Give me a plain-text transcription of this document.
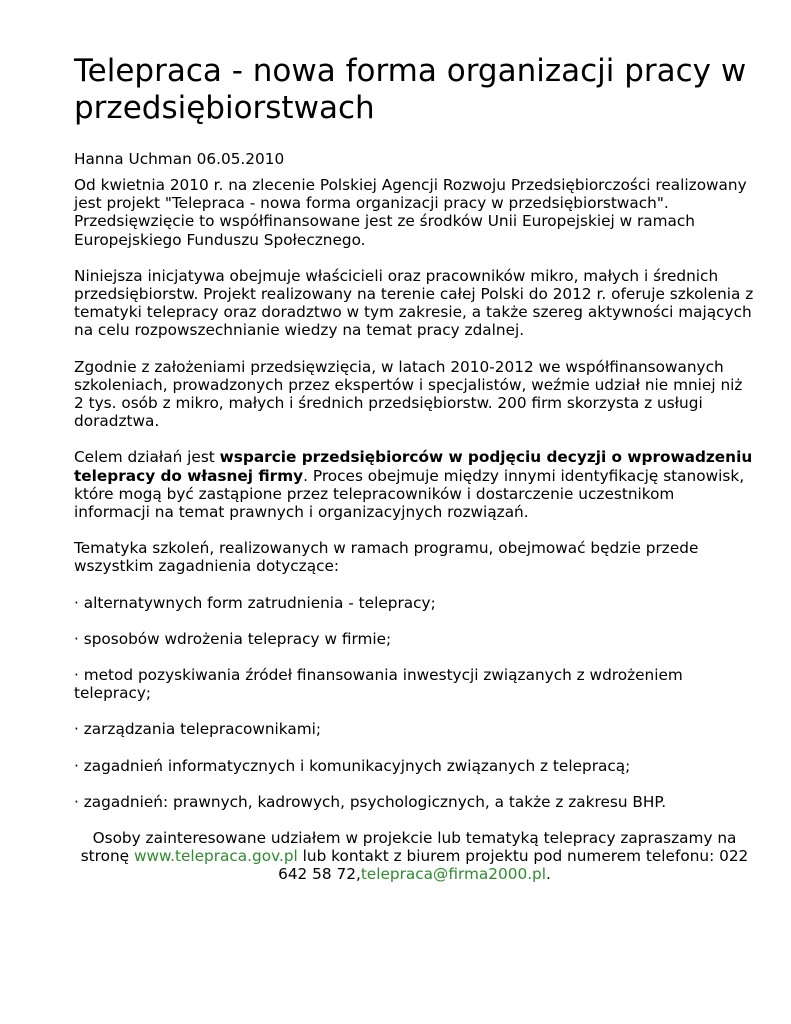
Telepraca - nowa forma organizacji pracy w przedsiębiorstwach
Hanna Uchman 06.05.2010

Od kwietnia 2010 r. na zlecenie Polskiej Agencji Rozwoju Przedsiębiorczości realizowany jest projekt "Telepraca - nowa forma organizacji pracy w przedsiębiorstwach". Przedsięwzięcie to współfinansowane jest ze środków Unii Europejskiej w ramach Europejskiego Funduszu Społecznego.

Niniejsza inicjatywa obejmuje właścicieli oraz pracowników mikro, małych i średnich przedsiębiorstw. Projekt realizowany na terenie całej Polski do 2012 r. oferuje szkolenia z tematyki telepracy oraz doradztwo w tym zakresie, a także szereg aktywności mających na celu rozpowszechnianie wiedzy na temat pracy zdalnej.

Zgodnie z założeniami przedsięwzięcia, w latach 2010-2012 we współfinansowanych szkoleniach, prowadzonych przez ekspertów i specjalistów, weźmie udział nie mniej niż 2 tys. osób z mikro, małych i średnich przedsiębiorstw. 200 firm skorzysta z usługi doradztwa.

Celem działań jest wsparcie przedsiębiorców w podjęciu decyzji o wprowadzeniu telepracy do własnej firmy. Proces obejmuje między innymi identyfikację stanowisk, które mogą być zastąpione przez telepracowników i dostarczenie uczestnikom informacji na temat prawnych i organizacyjnych rozwiązań.

Tematyka szkoleń, realizowanych w ramach programu, obejmować będzie przede wszystkim zagadnienia dotyczące:

· alternatywnych form zatrudnienia - telepracy;

· sposobów wdrożenia telepracy w firmie;

· metod pozyskiwania źródeł finansowania inwestycji związanych z wdrożeniem telepracy;

· zarządzania telepracownikami;

· zagadnień informatycznych i komunikacyjnych związanych z telepracą;

· zagadnień: prawnych, kadrowych, psychologicznych, a także z zakresu BHP.

Osoby zainteresowane udziałem w projekcie lub tematyką telepracy zapraszamy na stronę www.telepraca.gov.pl lub kontakt z biurem projektu pod numerem telefonu: 022 642 58 72,telepraca@firma2000.pl.
